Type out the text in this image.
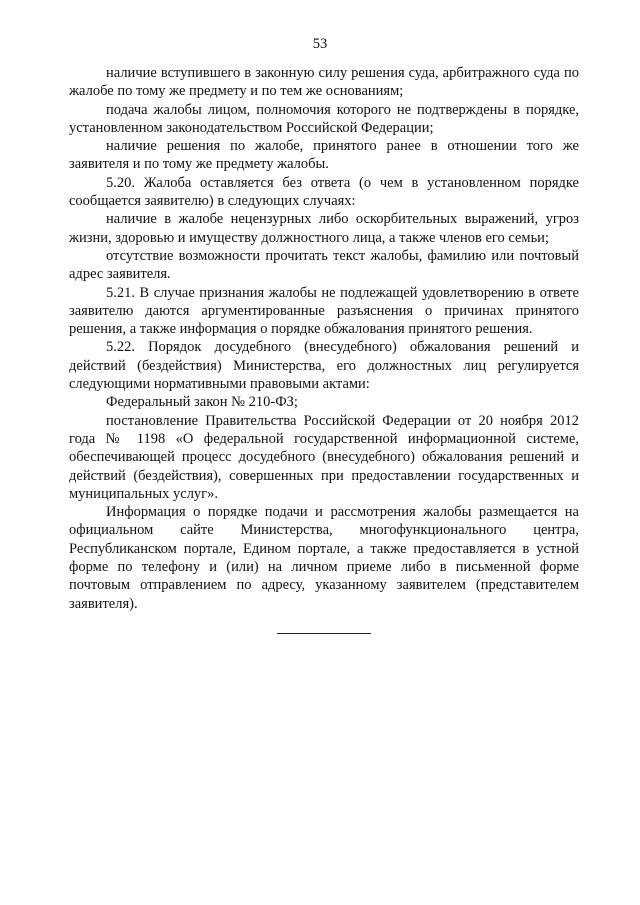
53

наличие вступившего в законную силу решения суда, арбитражного суда по жалобе по тому же предмету и по тем же основаниям;

подача жалобы лицом, полномочия которого не подтверждены в порядке, установленном законодательством Российской Федерации;

наличие решения по жалобе, принятого ранее в отношении того же заявителя и по тому же предмету жалобы.

5.20. Жалоба оставляется без ответа (о чем в установленном порядке сообщается заявителю) в следующих случаях:

наличие в жалобе нецензурных либо оскорбительных выражений, угроз жизни, здоровью и имуществу должностного лица, а также членов его семьи;

отсутствие возможности прочитать текст жалобы, фамилию или почтовый адрес заявителя.

5.21. В случае признания жалобы не подлежащей удовлетворению в ответе заявителю даются аргументированные разъяснения о причинах принятого решения, а также информация о порядке обжалования принятого решения.

5.22. Порядок досудебного (внесудебного) обжалования решений и действий (бездействия) Министерства, его должностных лиц регулируется следующими нормативными правовыми актами:

Федеральный закон № 210-ФЗ;

постановление Правительства Российской Федерации от 20 ноября 2012 года № 1198 «О федеральной государственной информационной системе, обеспечивающей процесс досудебного (внесудебного) обжалования решений и действий (бездействия), совершенных при предоставлении государственных и муниципальных услуг».

Информация о порядке подачи и рассмотрения жалобы размещается на официальном сайте Министерства, многофункционального центра, Республиканском портале, Едином портале, а также предоставляется в устной форме по телефону и (или) на личном приеме либо в письменной форме почтовым отправлением по адресу, указанному заявителем (представителем заявителя).
